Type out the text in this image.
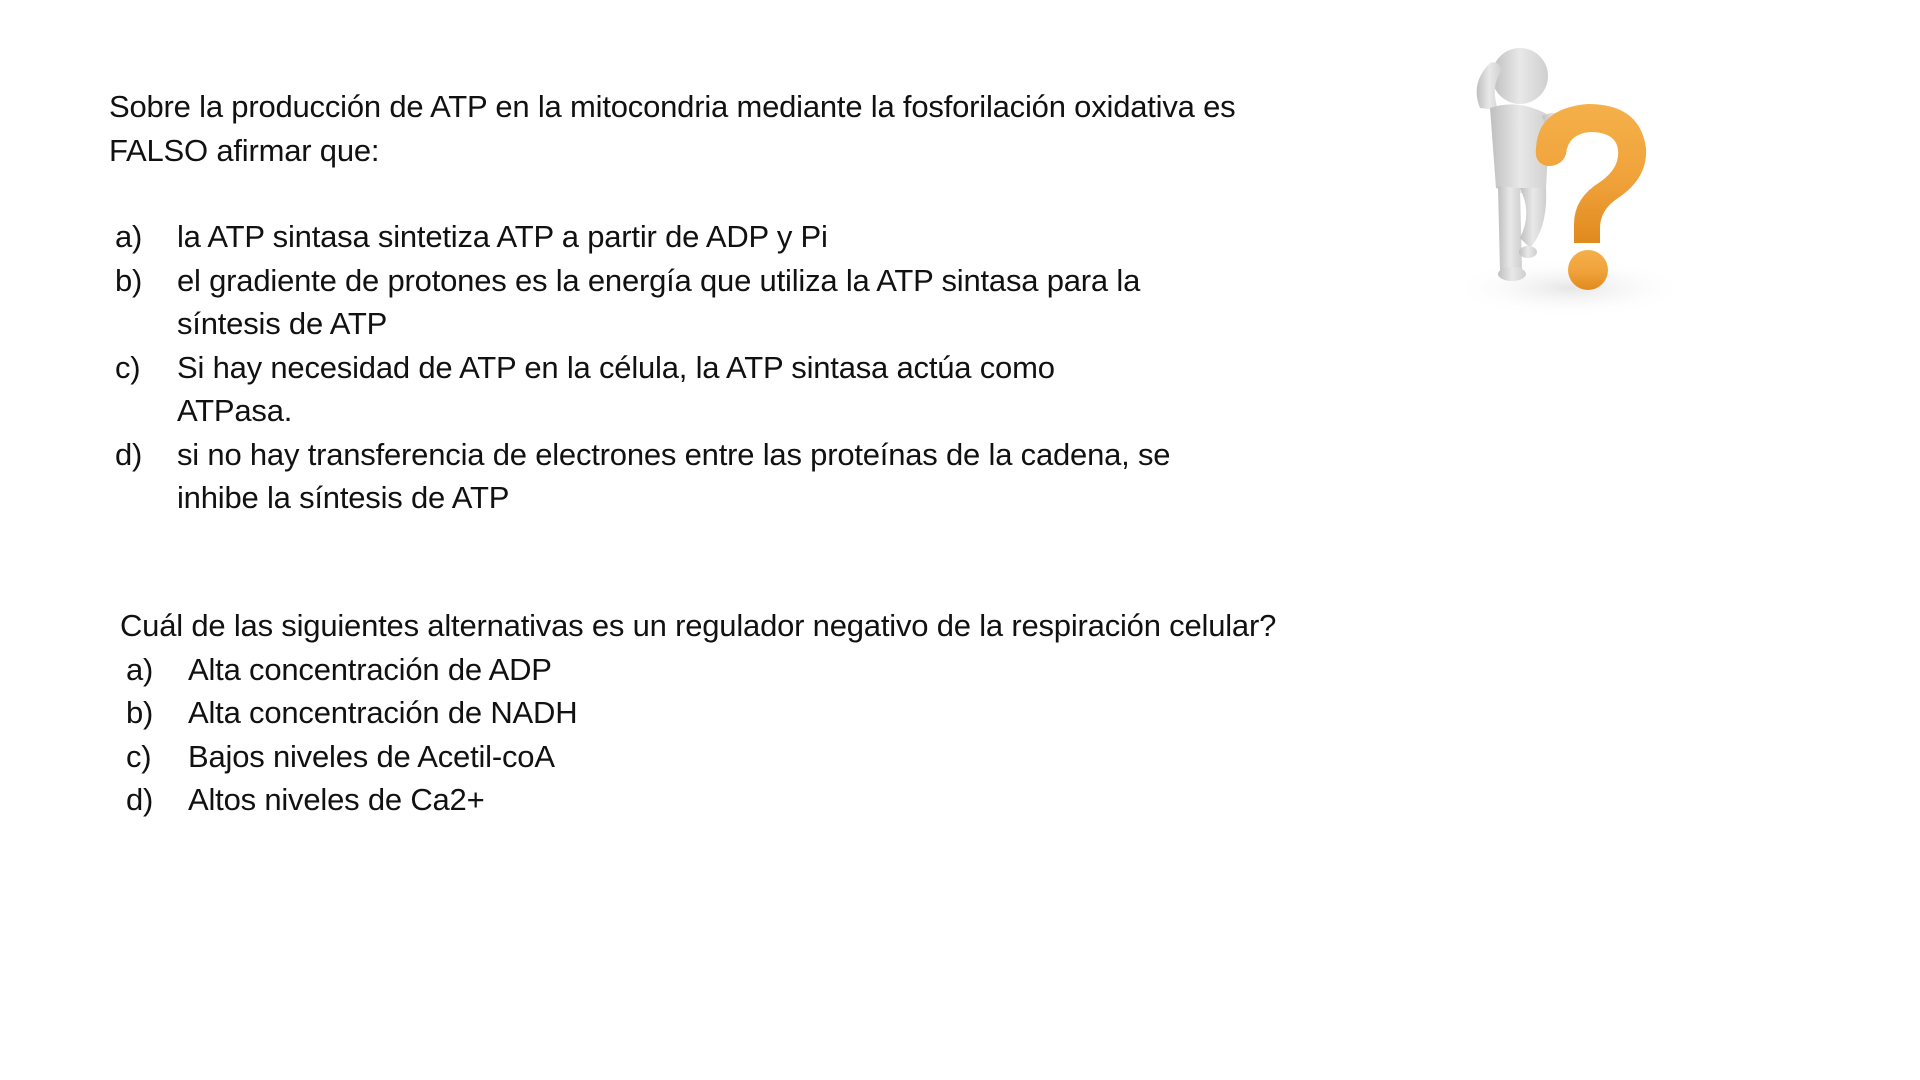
Sobre la producción de ATP en la mitocondria mediante la fosforilación oxidativa es FALSO afirmar que:

a)	la ATP sintasa sintetiza ATP a partir de ADP y Pi
b)	el gradiente de protones es la energía que utiliza la ATP sintasa para la síntesis de ATP
c)	Si hay necesidad de ATP en la célula, la ATP sintasa actúa como ATPasa.
d)	si no hay transferencia de electrones entre las proteínas de la cadena, se inhibe la síntesis de ATP

Cuál de las siguientes alternativas es un regulador negativo de la respiración celular?

a)	Alta concentración de ADP
b)	Alta concentración de NADH
c)	Bajos niveles de Acetil-coA
d)	Altos niveles de Ca2+
